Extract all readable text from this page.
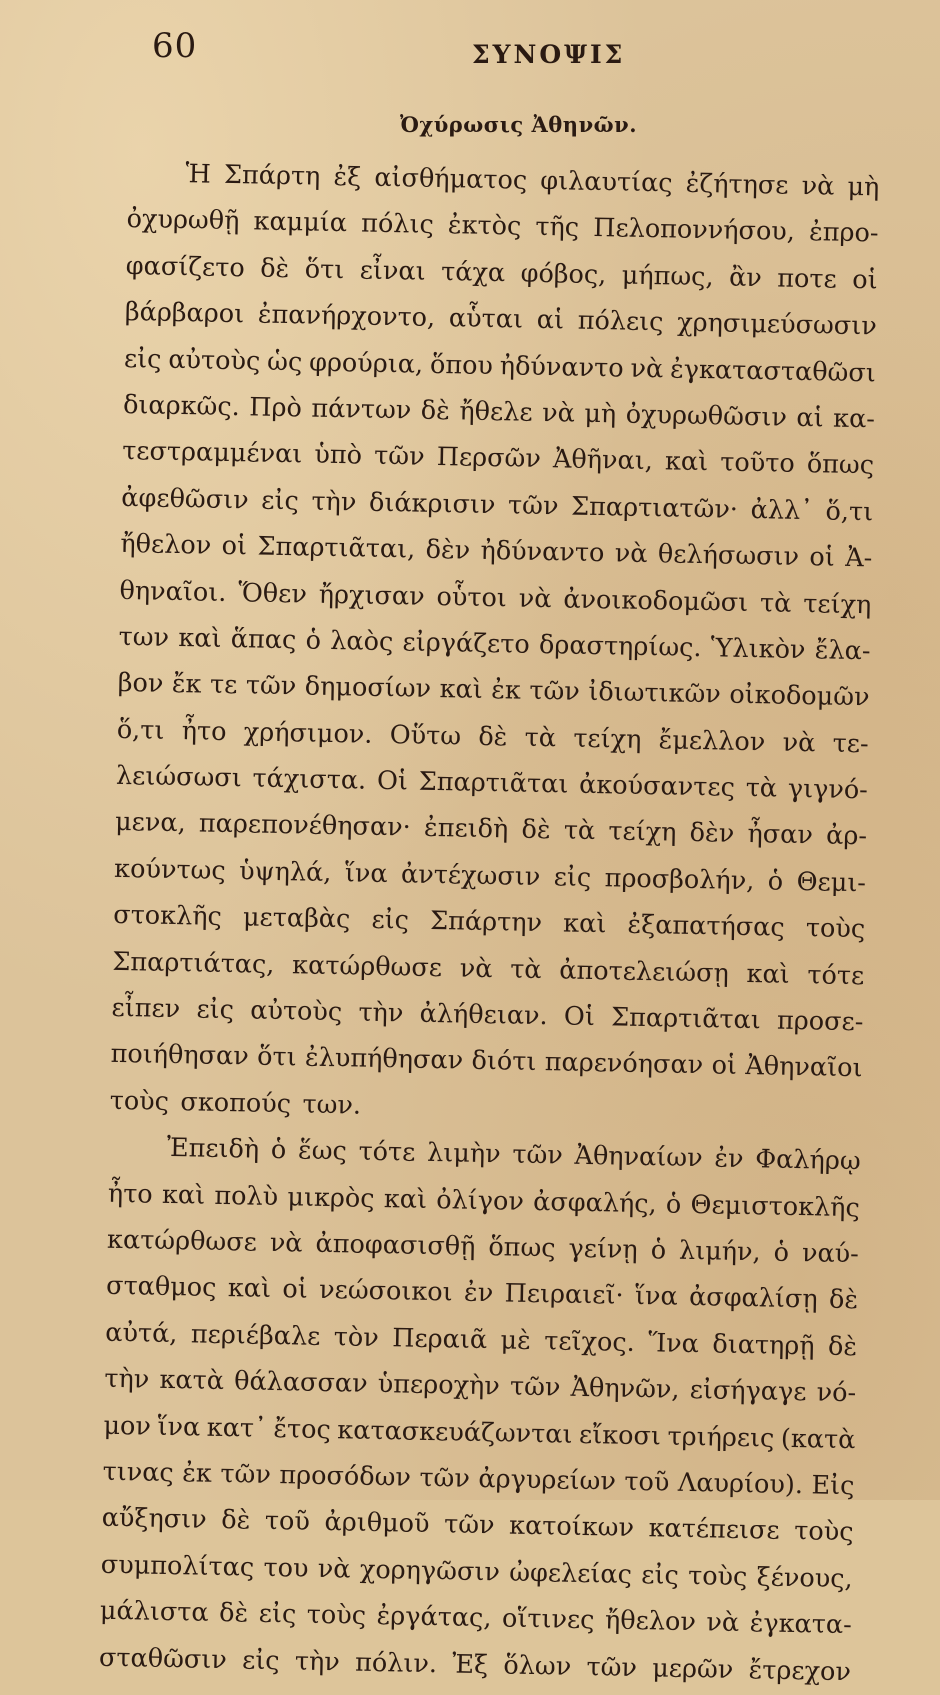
60	ΣΥΝΟΨΙΣ
Ὀχύρωσις Ἀθηνῶν.
Ἡ Σπάρτη ἐξ αἰσθήματος φιλαυτίας ἐζήτησε νὰ μὴ
ὀχυρωθῇ καμμία πόλις ἐκτὸς τῆς Πελοποννήσου, ἐπρο-
φασίζετο δὲ ὅτι εἶναι τάχα φόβος, μήπως, ἂν ποτε οἱ
βάρβαροι ἐπανήρχοντο, αὗται αἱ πόλεις χρησιμεύσωσιν
εἰς αὐτοὺς ὡς φρούρια, ὅπου ἠδύναντο νὰ ἐγκατασταθῶσι
διαρκῶς. Πρὸ πάντων δὲ ἤθελε νὰ μὴ ὀχυρωθῶσιν αἱ κα-
τεστραμμέναι ὑπὸ τῶν Περσῶν Ἀθῆναι, καὶ τοῦτο ὅπως
ἀφεθῶσιν εἰς τὴν διάκρισιν τῶν Σπαρτιατῶν· ἀλλ᾽ ὅ,τι
ἤθελον οἱ Σπαρτιᾶται, δὲν ἠδύναντο νὰ θελήσωσιν οἱ Ἀ-
θηναῖοι. Ὅθεν ἤρχισαν οὗτοι νὰ ἀνοικοδομῶσι τὰ τείχη
των καὶ ἅπας ὁ λαὸς εἰργάζετο δραστηρίως. Ὑλικὸν ἔλα-
βον ἔκ τε τῶν δημοσίων καὶ ἐκ τῶν ἰδιωτικῶν οἰκοδομῶν
ὅ,τι ἦτο χρήσιμον. Οὕτω δὲ τὰ τείχη ἔμελλον νὰ τε-
λειώσωσι τάχιστα. Οἱ Σπαρτιᾶται ἀκούσαντες τὰ γιγνό-
μενα, παρεπονέθησαν· ἐπειδὴ δὲ τὰ τείχη δὲν ἦσαν ἀρ-
κούντως ὑψηλά, ἵνα ἀντέχωσιν εἰς προσβολήν, ὁ Θεμι-
στοκλῆς μεταβὰς εἰς Σπάρτην καὶ ἐξαπατήσας τοὺς
Σπαρτιάτας, κατώρθωσε νὰ τὰ ἀποτελειώσῃ καὶ τότε
εἶπεν εἰς αὐτοὺς τὴν ἀλήθειαν. Οἱ Σπαρτιᾶται προσε-
ποιήθησαν ὅτι ἐλυπήθησαν διότι παρενόησαν οἱ Ἀθηναῖοι
τοὺς σκοπούς των.
Ἐπειδὴ ὁ ἕως τότε λιμὴν τῶν Ἀθηναίων ἐν Φαλήρῳ
ἦτο καὶ πολὺ μικρὸς καὶ ὀλίγον ἀσφαλής, ὁ Θεμιστοκλῆς
κατώρθωσε νὰ ἀποφασισθῇ ὅπως γείνῃ ὁ λιμήν, ὁ ναύ-
σταθμος καὶ οἱ νεώσοικοι ἐν Πειραιεῖ· ἵνα ἀσφαλίσῃ δὲ
αὐτά, περιέβαλε τὸν Περαιᾶ μὲ τεῖχος. Ἵνα διατηρῇ δὲ
τὴν κατὰ θάλασσαν ὑπεροχὴν τῶν Ἀθηνῶν, εἰσήγαγε νό-
μον ἵνα κατ᾽ ἔτος κατασκευάζωνται εἴκοσι τριήρεις (κατὰ
τινας ἐκ τῶν προσόδων τῶν ἀργυρείων τοῦ Λαυρίου). Εἰς
αὔξησιν δὲ τοῦ ἀριθμοῦ τῶν κατοίκων κατέπεισε τοὺς
συμπολίτας του νὰ χορηγῶσιν ὠφελείας εἰς τοὺς ξένους,
μάλιστα δὲ εἰς τοὺς ἐργάτας, οἵτινες ἤθελον νὰ ἐγκατα-
σταθῶσιν εἰς τὴν πόλιν. Ἐξ ὅλων τῶν μερῶν ἔτρεχον
